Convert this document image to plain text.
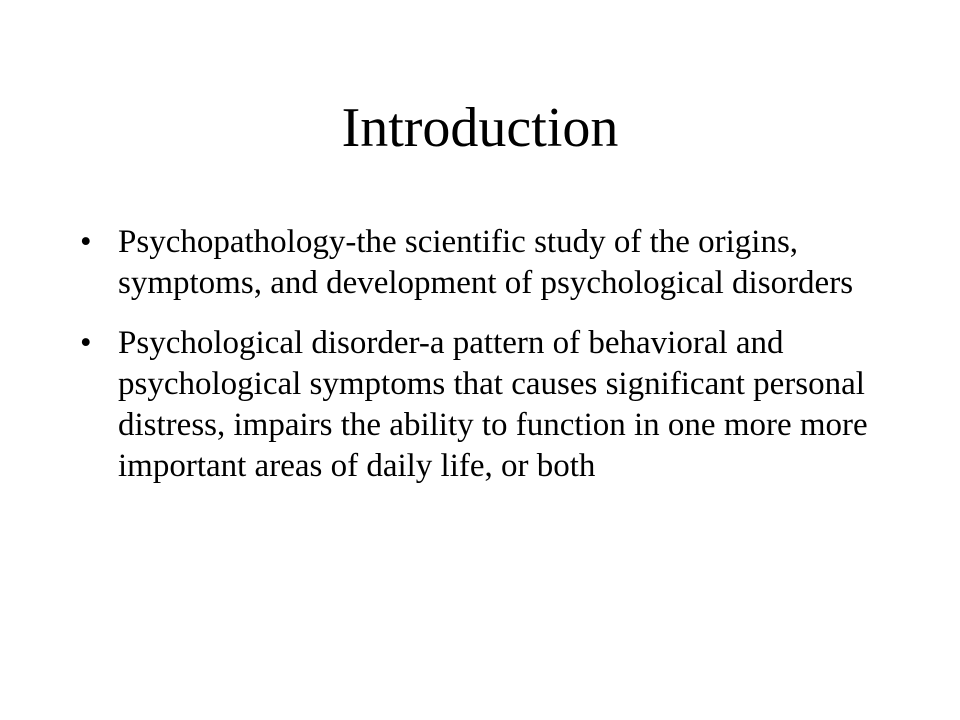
Introduction
• Psychopathology-the scientific study of the origins, symptoms, and development of psychological disorders
• Psychological disorder-a pattern of behavioral and psychological symptoms that causes significant personal distress, impairs the ability to function in one more more important areas of daily life, or both
